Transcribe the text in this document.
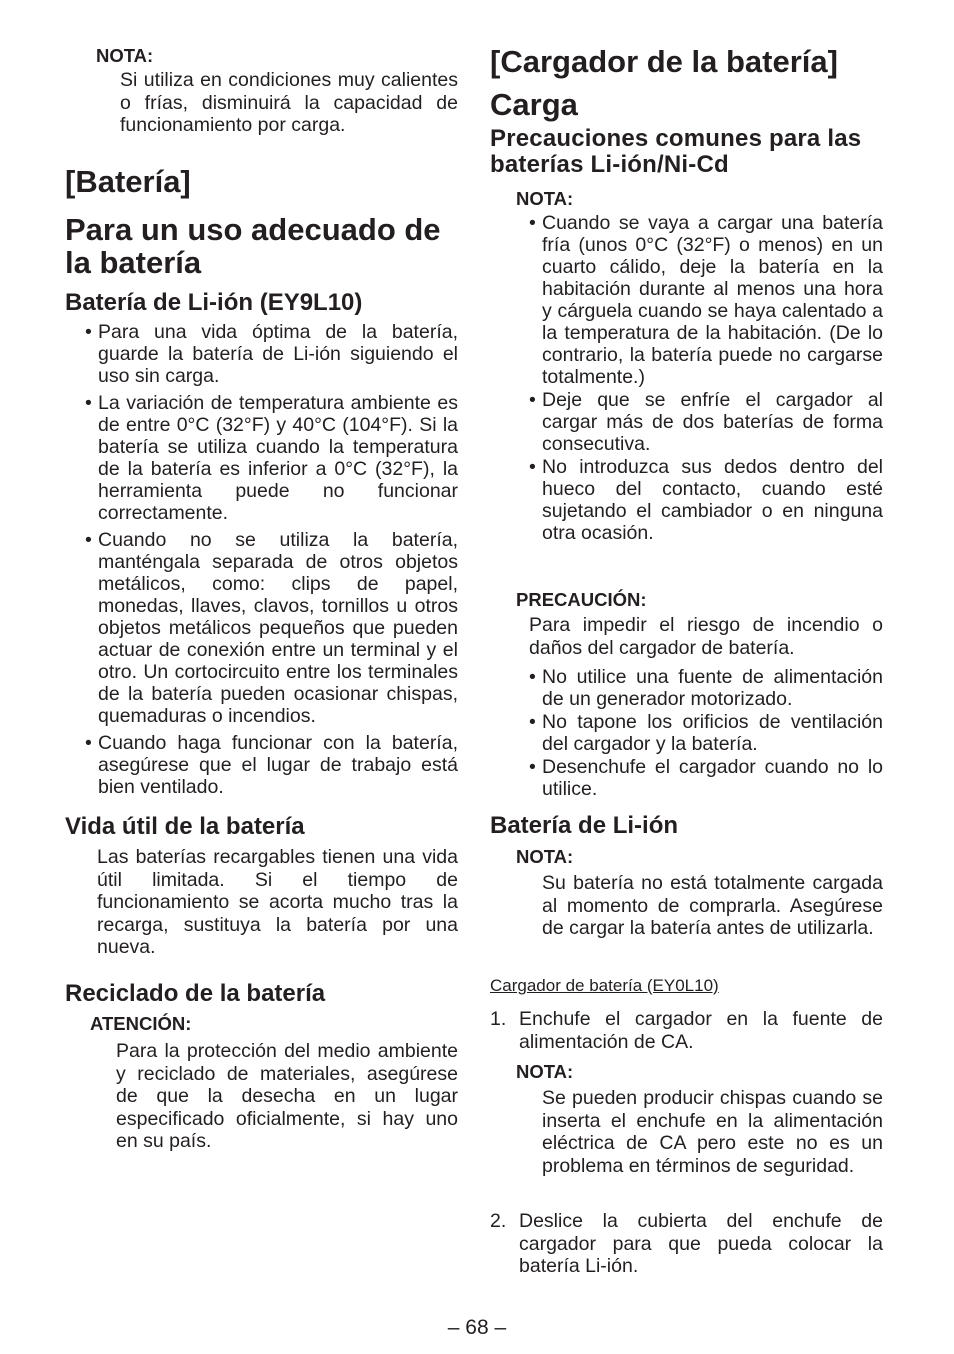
NOTA:

Si utiliza en condiciones muy calientes o frías, disminuirá la capacidad de funcionamiento por carga.

[Batería]
Para un uso adecuado de la batería
Batería de Li-ión (EY9L10)
• Para una vida óptima de la batería, guarde la batería de Li-ión siguiendo el uso sin carga.
• La variación de temperatura ambiente es de entre 0°C (32°F) y 40°C (104°F). Si la batería se utiliza cuando la temperatura de la batería es inferior a 0°C (32°F), la herramienta puede no funcionar correctamente.
• Cuando no se utiliza la batería, manténgala separada de otros objetos metálicos, como: clips de papel, monedas, llaves, clavos, tornillos u otros objetos metálicos pequeños que pueden actuar de conexión entre un terminal y el otro. Un cortocircuito entre los terminales de la batería pueden ocasionar chispas, quemaduras o incendios.
• Cuando haga funcionar con la batería, asegúrese que el lugar de trabajo está bien ventilado.
Vida útil de la batería

Las baterías recargables tienen una vida útil limitada. Si el tiempo de funcionamiento se acorta mucho tras la recarga, sustituya la batería por una nueva.

Reciclado de la batería
ATENCIÓN:

Para la protección del medio ambiente y reciclado de materiales, asegúrese de que la desecha en un lugar especificado oficialmente, si hay uno en su país.

[Cargador de la batería]
Carga
Precauciones comunes para las baterías Li-ión/Ni-Cd
NOTA:
• Cuando se vaya a cargar una batería fría (unos 0°C (32°F) o menos) en un cuarto cálido, deje la batería en la habitación durante al menos una hora y cárguela cuando se haya calentado a la temperatura de la habitación. (De lo contrario, la batería puede no cargarse totalmente.)
• Deje que se enfríe el cargador al cargar más de dos baterías de forma consecutiva.
• No introduzca sus dedos dentro del hueco del contacto, cuando esté sujetando el cambiador o en ninguna otra ocasión.
PRECAUCIÓN:

Para impedir el riesgo de incendio o daños del cargador de batería.

• No utilice una fuente de alimentación de un generador motorizado.
• No tapone los orificios de ventilación del cargador y la batería.
• Desenchufe el cargador cuando no lo utilice.
Batería de Li-ión
NOTA:

Su batería no está totalmente cargada al momento de comprarla. Asegúrese de cargar la batería antes de utilizarla.

Cargador de batería (EY0L10)
1. Enchufe el cargador en la fuente de alimentación de CA.
NOTA:

Se pueden producir chispas cuando se inserta el enchufe en la alimentación eléctrica de CA pero este no es un problema en términos de seguridad.

2. Deslice la cubierta del enchufe de cargador para que pueda colocar la batería Li-ión.
– 68 –
